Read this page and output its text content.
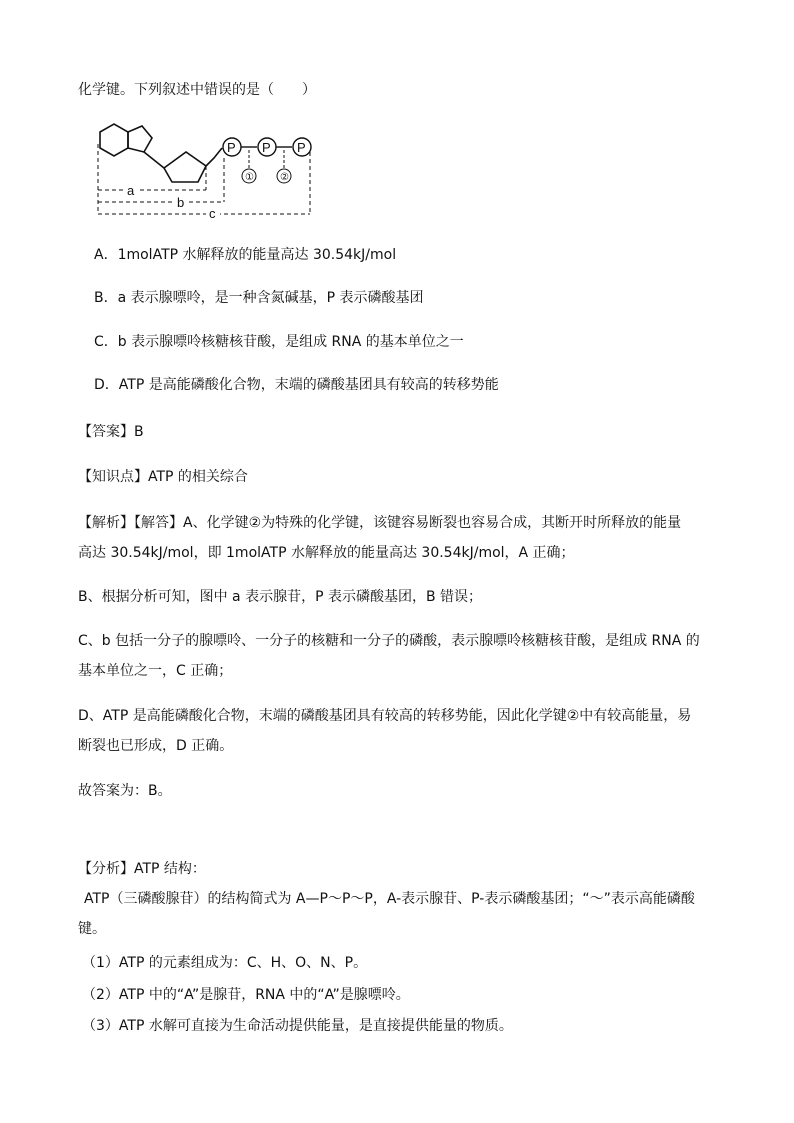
化学键。下列叙述中错误的是（　　）
P P P
①	②
a
b
c
A．1molATP 水解释放的能量高达 30.54kJ/mol
B．a 表示腺嘌呤，是一种含氮碱基，P 表示磷酸基团
C．b 表示腺嘌呤核糖核苷酸，是组成 RNA 的基本单位之一
D．ATP 是高能磷酸化合物，末端的磷酸基团具有较高的转移势能
【答案】B
【知识点】ATP 的相关综合
【解析】【解答】A、化学键②为特殊的化学键，该键容易断裂也容易合成，其断开时所释放的能量
高达 30.54kJ/mol，即 1molATP 水解释放的能量高达 30.54kJ/mol，A 正确；
B、根据分析可知，图中 a 表示腺苷，P 表示磷酸基团，B 错误；
C、b 包括一分子的腺嘌呤、一分子的核糖和一分子的磷酸，表示腺嘌呤核糖核苷酸，是组成 RNA 的
基本单位之一，C 正确；
D、ATP 是高能磷酸化合物，末端的磷酸基团具有较高的转移势能，因此化学键②中有较高能量，易
断裂也已形成，D 正确。
故答案为：B。
【分析】ATP 结构：
ATP（三磷酸腺苷）的结构简式为 A—P～P～P，A-表示腺苷、P-表示磷酸基团；“～”表示高能磷酸
键。
（1）ATP 的元素组成为：C、H、O、N、P。
（2）ATP 中的“A”是腺苷，RNA 中的“A”是腺嘌呤。
（3）ATP 水解可直接为生命活动提供能量，是直接提供能量的物质。
